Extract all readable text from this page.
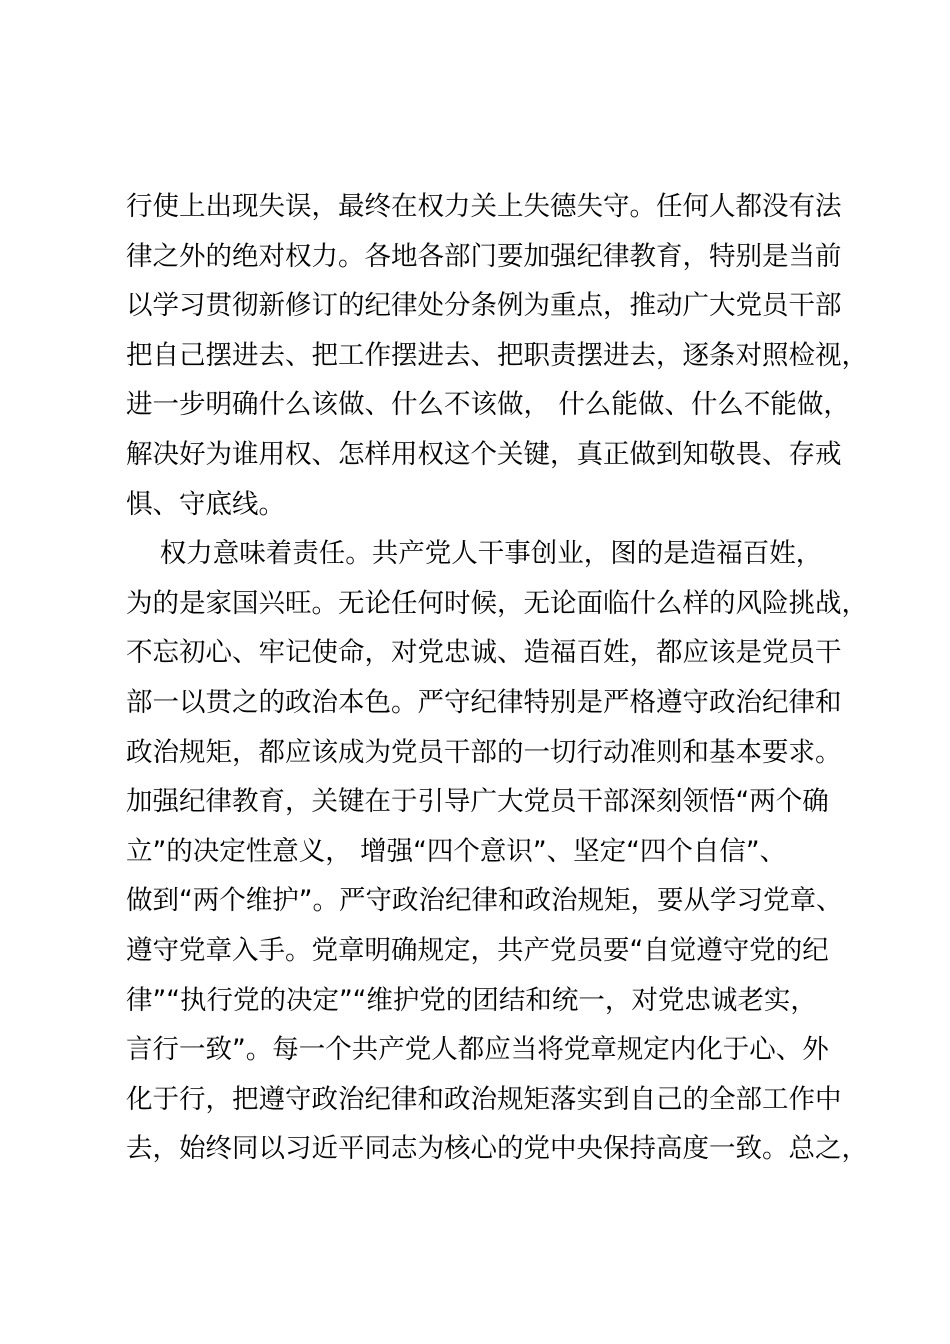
行使上出现失误，最终在权力关上失德失守。任何人都没有法
律之外的绝对权力。各地各部门要加强纪律教育，特别是当前
以学习贯彻新修订的纪律处分条例为重点，推动广大党员干部
把自己摆进去、把工作摆进去、把职责摆进去，逐条对照检视，
进一步明确什么该做、什么不该做， 什么能做、什么不能做，
解决好为谁用权、怎样用权这个关键，真正做到知敬畏、存戒
惧、守底线。
权力意味着责任。共产党人干事创业，图的是造福百姓，
为的是家国兴旺。无论任何时候，无论面临什么样的风险挑战，
不忘初心、牢记使命，对党忠诚、造福百姓，都应该是党员干
部一以贯之的政治本色。严守纪律特别是严格遵守政治纪律和
政治规矩，都应该成为党员干部的一切行动准则和基本要求。
加强纪律教育，关键在于引导广大党员干部深刻领悟“两个确
立”的决定性意义， 增强“四个意识”、坚定“四个自信”、
做到“两个维护”。严守政治纪律和政治规矩，要从学习党章、
遵守党章入手。党章明确规定，共产党员要“自觉遵守党的纪
律”“执行党的决定”“维护党的团结和统一，对党忠诚老实，
言行一致”。每一个共产党人都应当将党章规定内化于心、外
化于行，把遵守政治纪律和政治规矩落实到自己的全部工作中
去，始终同以习近平同志为核心的党中央保持高度一致。总之，
